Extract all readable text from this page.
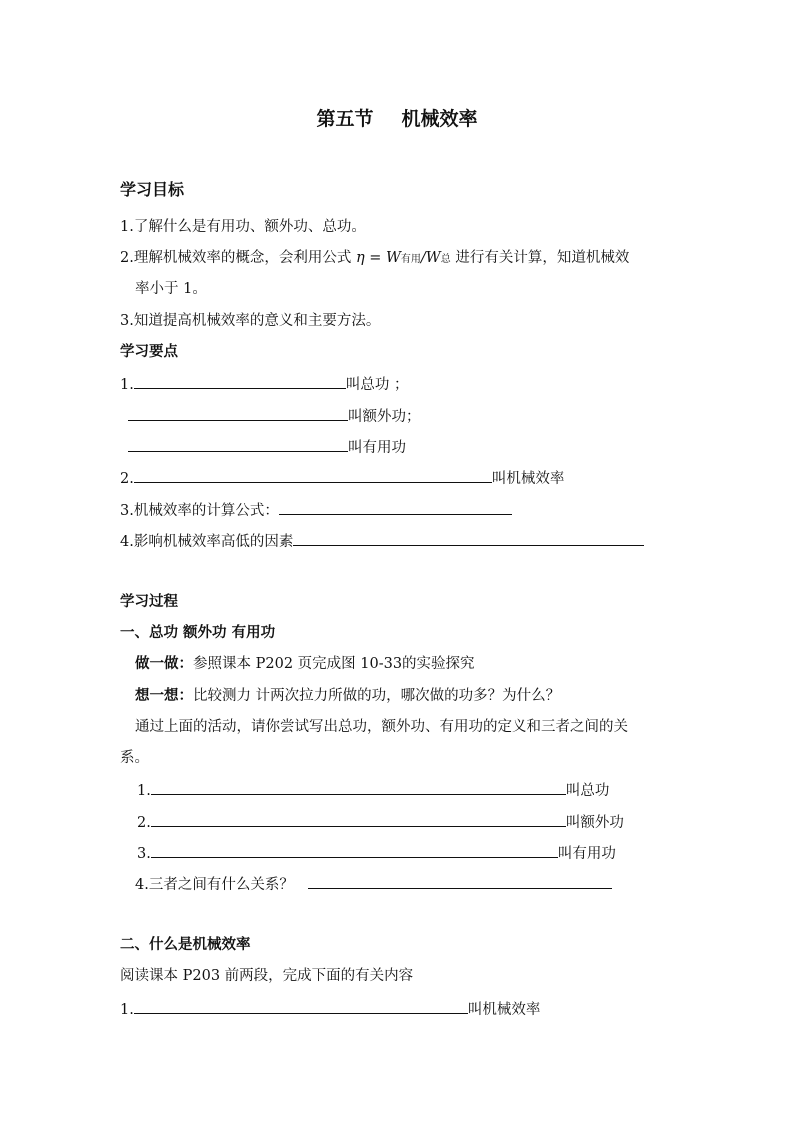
第五节 机械效率
学习目标
1.了解什么是有用功、额外功、总功。
2.理解机械效率的概念，会利用公式 η = W有用/W总 进行有关计算，知道机械效
率小于 1。
3.知道提高机械效率的意义和主要方法。
学习要点
1.	叫总功 ；
叫额外功；
叫有用功
2.	叫机械效率
3.机械效率的计算公式：
4.影响机械效率高低的因素
学习过程
一、总功 额外功 有用功
做一做：参照课本 P202 页完成图 10-33的实验探究
想一想：比较测力 计两次拉力所做的功，哪次做的功多？为什么？
通过上面的活动，请你尝试写出总功，额外功、有用功的定义和三者之间的关
系。
1.	叫总功
2.	叫额外功
3.	叫有用功
4.三者之间有什么关系？
二、什么是机械效率
阅读课本 P203 前两段，完成下面的有关内容
1.	叫机械效率
